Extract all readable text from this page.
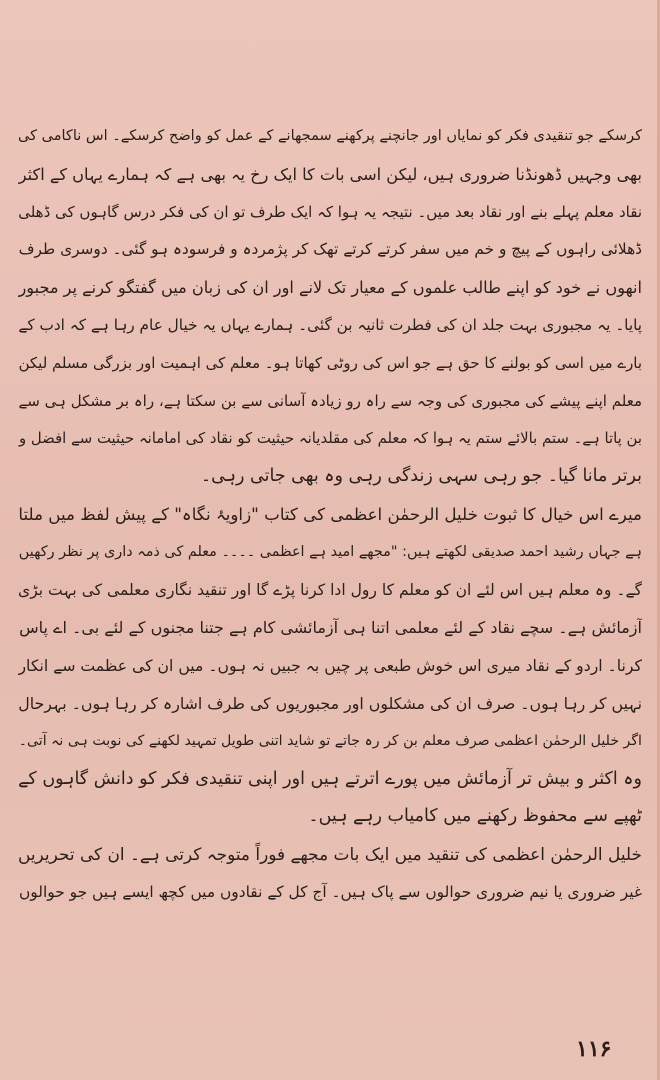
کرسکے جو تنقیدی فکر کو نمایاں اور جانچنے پرکھنے سمجھانے کے عمل کو واضح کرسکے۔ اس ناکامی کی
بھی وجہیں ڈھونڈنا ضروری ہیں، لیکن اسی بات کا ایک رخ یہ بھی ہے کہ ہمارے یہاں کے اکثر
نقاد معلم پہلے بنے اور نقاد بعد میں۔ نتیجہ یہ ہوا کہ ایک طرف تو ان کی فکر درس گاہوں کی ڈھلی
ڈھلائی راہوں کے پیچ و خم میں سفر کرتے کرتے تھک کر پژمردہ و فرسودہ ہو گئی۔ دوسری طرف
انھوں نے خود کو اپنے طالب علموں کے معیار تک لانے اور ان کی زبان میں گفتگو کرنے پر مجبور
پایا۔ یہ مجبوری بہت جلد ان کی فطرت ثانیہ بن گئی۔ ہمارے یہاں یہ خیال عام رہا ہے کہ ادب کے
بارے میں اسی کو بولنے کا حق ہے جو اس کی روٹی کھاتا ہو۔ معلم کی اہمیت اور بزرگی مسلم لیکن
معلم اپنے پیشے کی مجبوری کی وجہ سے راہ رو زیادہ آسانی سے بن سکتا ہے، راہ بر مشکل ہی سے
بن پاتا ہے۔ ستم بالائے ستم یہ ہوا کہ معلم کی مقلدیانہ حیثیت کو نقاد کی امامانہ حیثیت سے افضل و
برتر مانا گیا۔ جو رہی سہی زندگی رہی وہ بھی جاتی رہی۔
میرے اس خیال کا ثبوت خلیل الرحمٰن اعظمی کی کتاب "زاویۂ نگاہ" کے پیش لفظ میں ملتا
ہے جہاں رشید احمد صدیقی لکھتے ہیں: "مجھے امید ہے اعظمی ۔۔۔۔ معلم کی ذمہ داری پر نظر رکھیں
گے۔ وہ معلم ہیں اس لئے ان کو معلم کا رول ادا کرنا پڑے گا اور تنقید نگاری معلمی کی بہت بڑی
آزمائش ہے۔ سچے نقاد کے لئے معلمی اتنا ہی آزمائشی کام ہے جتنا مجنوں کے لئے بی۔ اے پاس
کرنا۔ اردو کے نقاد میری اس خوش طبعی پر چیں بہ جبیں نہ ہوں۔ میں ان کی عظمت سے انکار
نہیں کر رہا ہوں۔ صرف ان کی مشکلوں اور مجبوریوں کی طرف اشارہ کر رہا ہوں۔ بہرحال
اگر خلیل الرحمٰن اعظمی صرف معلم بن کر رہ جاتے تو شاید اتنی طویل تمہید لکھنے کی نوبت ہی نہ آتی۔
وہ اکثر و بیش تر آزمائش میں پورے اترتے ہیں اور اپنی تنقیدی فکر کو دانش گاہوں کے
ٹھپے سے محفوظ رکھنے میں کامیاب رہے ہیں۔
خلیل الرحمٰن اعظمی کی تنقید میں ایک بات مجھے فوراً متوجہ کرتی ہے۔ ان کی تحریریں
غیر ضروری یا نیم ضروری حوالوں سے پاک ہیں۔ آج کل کے نقادوں میں کچھ ایسے ہیں جو حوالوں
۱۱۶
